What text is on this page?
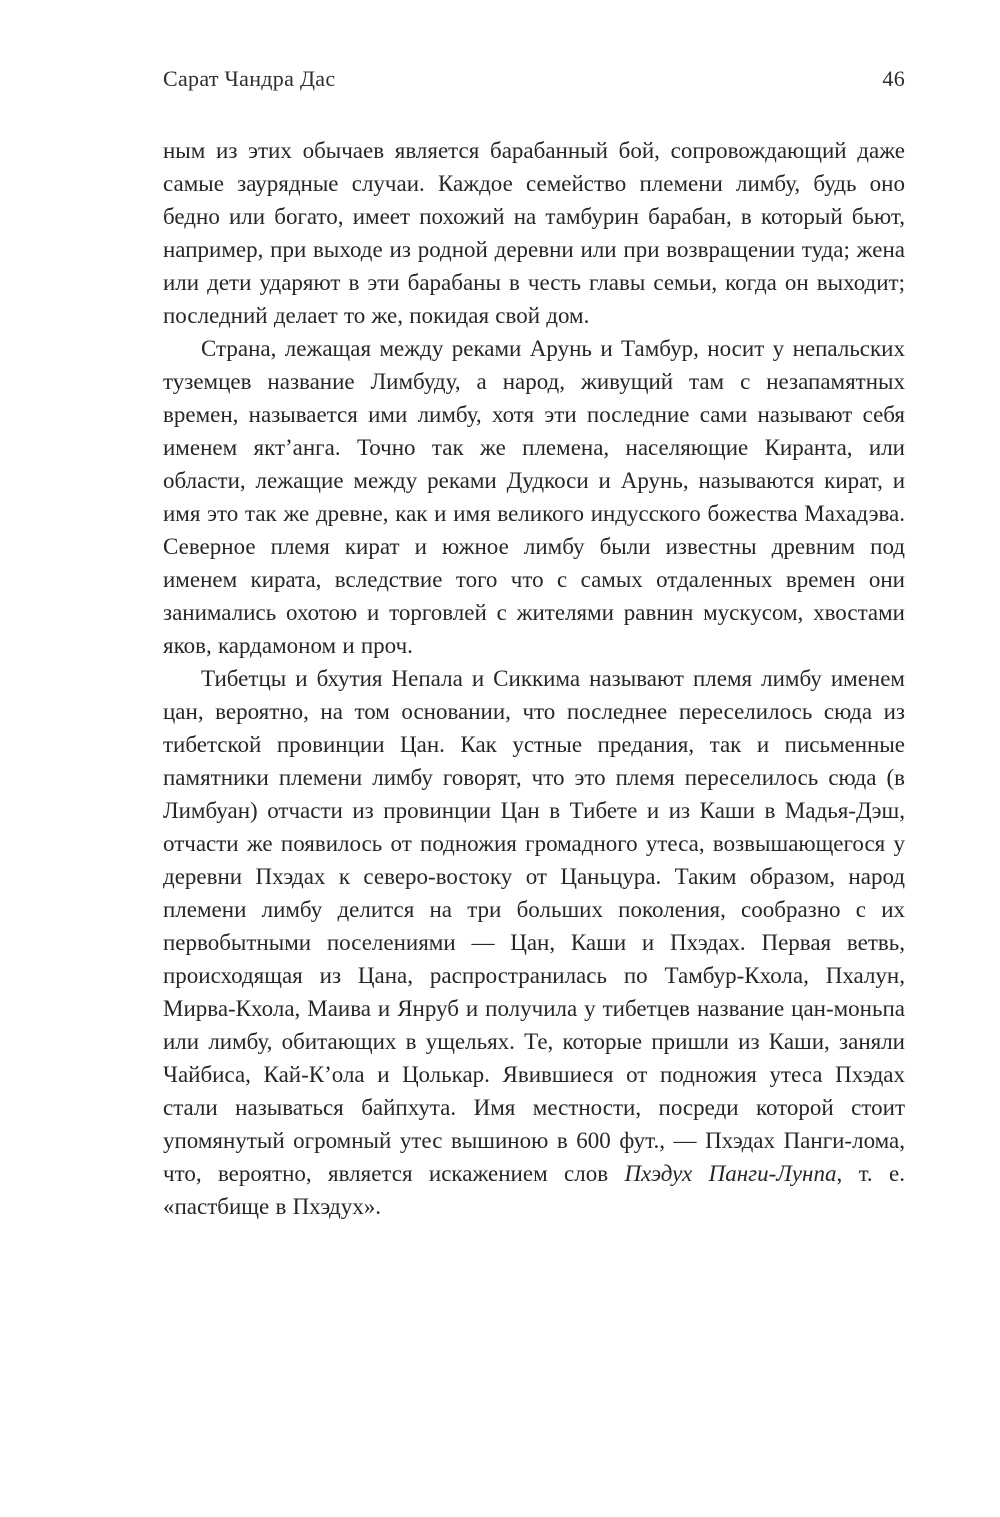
Сарат Чандра Дас	46

ным из этих обычаев является барабанный бой, сопровождающий даже самые заурядные случаи. Каждое семейство племени лимбу, будь оно бедно или богато, имеет похожий на тамбурин барабан, в который бьют, например, при выходе из родной деревни или при возвращении туда; жена или дети ударяют в эти барабаны в честь главы семьи, когда он выходит; последний делает то же, покидая свой дом.

Страна, лежащая между реками Арунь и Тамбур, носит у непальских туземцев название Лимбуду, а народ, живущий там с незапамятных времен, называется ими лимбу, хотя эти последние сами называют себя именем якт’анга. Точно так же племена, населяющие Киранта, или области, лежащие между реками Дудкоси и Арунь, называются кират, и имя это так же древне, как и имя великого индусского божества Махадэва. Северное племя кират и южное лимбу были известны древним под именем кирата, вследствие того что с самых отдаленных времен они занимались охотою и торговлей с жителями равнин мускусом, хвостами яков, кардамоном и проч.

Тибетцы и бхутия Непала и Сиккима называют племя лимбу именем цан, вероятно, на том основании, что последнее переселилось сюда из тибетской провинции Цан. Как устные предания, так и письменные памятники племени лимбу говорят, что это племя переселилось сюда (в Лимбуан) отчасти из провинции Цан в Тибете и из Каши в Мадья-Дэш, отчасти же появилось от подножия громадного утеса, возвышающегося у деревни Пхэдах к северо-востоку от Цаньцура. Таким образом, народ племени лимбу делится на три больших поколения, сообразно с их первобытными поселениями — Цан, Каши и Пхэдах. Первая ветвь, происходящая из Цана, распространилась по Тамбур-Кхола, Пхалун, Мирва-Кхола, Маива и Янруб и получила у тибетцев название цан-моньпа или лимбу, обитающих в ущельях. Те, которые пришли из Каши, заняли Чайбиса, Кай-К’ола и Цолькар. Явившиеся от подножия утеса Пхэдах стали называться байпхута. Имя местности, посреди которой стоит упомянутый огромный утес вышиною в 600 фут., — Пхэдах Панги-лома, что, вероятно, является искажением слов Пхэдух Панги-Лунпа, т. е. «пастбище в Пхэдух».
